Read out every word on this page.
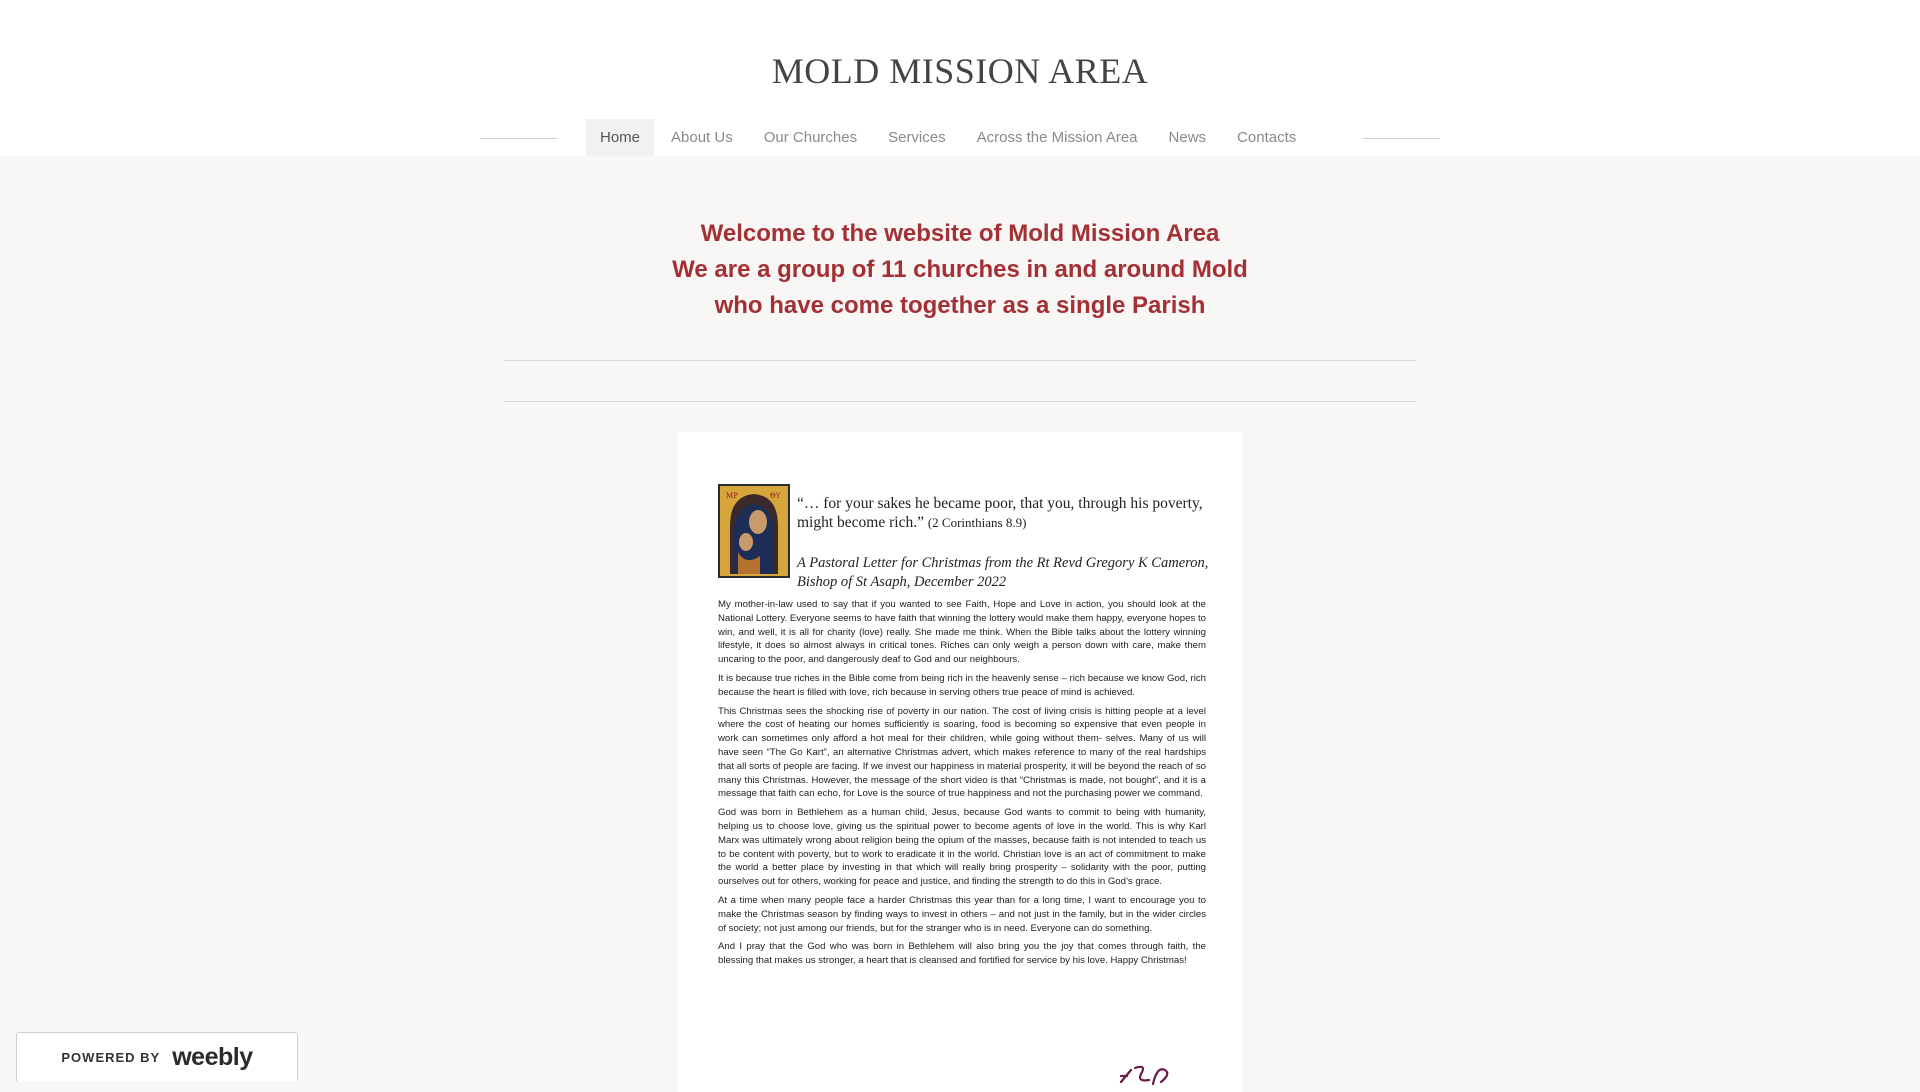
MOLD MISSION AREA
Home	About Us	Our Churches	Services	Across the Mission Area	News	Contacts
Welcome to the website of Mold Mission Area
We are a group of 11 churches in and around Mold
who have come together as a single Parish
ΜΡ	ΘΥ “… for your sakes he became poor, that you, through his poverty, might become rich.” (2 Corinthians 8.9)
A Pastoral Letter for Christmas from the Rt Revd Gregory K Cameron,
Bishop of St Asaph, December 2022

My mother-in-law used to say that if you wanted to see Faith, Hope and Love in action, you should look at the National Lottery. Everyone seems to have faith that winning the lottery would make them happy, everyone hopes to win, and well, it is all for charity (love) really. She made me think. When the Bible talks about the lottery winning lifestyle, it does so almost always in critical tones. Riches can only weigh a person down with care, make them uncaring to the poor, and dangerously deaf to God and our neighbours.

It is because true riches in the Bible come from being rich in the heavenly sense – rich because we know God, rich because the heart is filled with love, rich because in serving others true peace of mind is achieved.

This Christmas sees the shocking rise of poverty in our nation. The cost of living crisis is hitting people at a level where the cost of heating our homes sufficiently is soaring, food is becoming so expensive that even people in work can sometimes only afford a hot meal for their children, while going without them- selves. Many of us will have seen “The Go Kart”, an alternative Christmas advert, which makes reference to many of the real hardships that all sorts of people are facing. If we invest our happiness in material prosperity, it will be beyond the reach of so many this Christmas. However, the message of the short video is that “Christmas is made, not bought”, and it is a message that faith can echo, for Love is the source of true happiness and not the purchasing power we command.

God was born in Bethlehem as a human child, Jesus, because God wants to commit to being with humanity, helping us to choose love, giving us the spiritual power to become agents of love in the world. This is why Karl Marx was ultimately wrong about religion being the opium of the masses, because faith is not intended to teach us to be content with poverty, but to work to eradicate it in the world. Christian love is an act of commitment to make the world a better place by investing in that which will really bring prosperity – solidarity with the poor, putting ourselves out for others, working for peace and justice, and finding the strength to do this in God’s grace.

At a time when many people face a harder Christmas this year than for a long time, I want to encourage you to make the Christmas season by finding ways to invest in others – and not just in the family, but in the wider circles of society; not just among our friends, but for the stranger who is in need. Everyone can do something.

And I pray that the God who was born in Bethlehem will also bring you the joy that comes through faith, the blessing that makes us stronger, a heart that is cleansed and fortified for service by his love. Happy Christmas!

POWERED BY weebly
